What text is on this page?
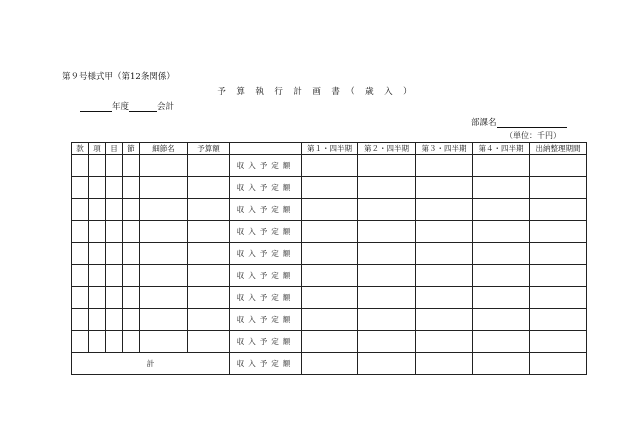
第９号様式甲（第12条関係）
予　算　執　行　計　画　書　（　歳　入　）
年度	会計
部課名
（単位：千円）
款	項	目	節	細節名	予算額		第１・四半期	第２・四半期	第３・四半期	第４・四半期	出納整理期間
						収入予定額					
						収入予定額					
						収入予定額					
						収入予定額					
						収入予定額					
						収入予定額					
						収入予定額					
						収入予定額					
						収入予定額					
計						収入予定額					
